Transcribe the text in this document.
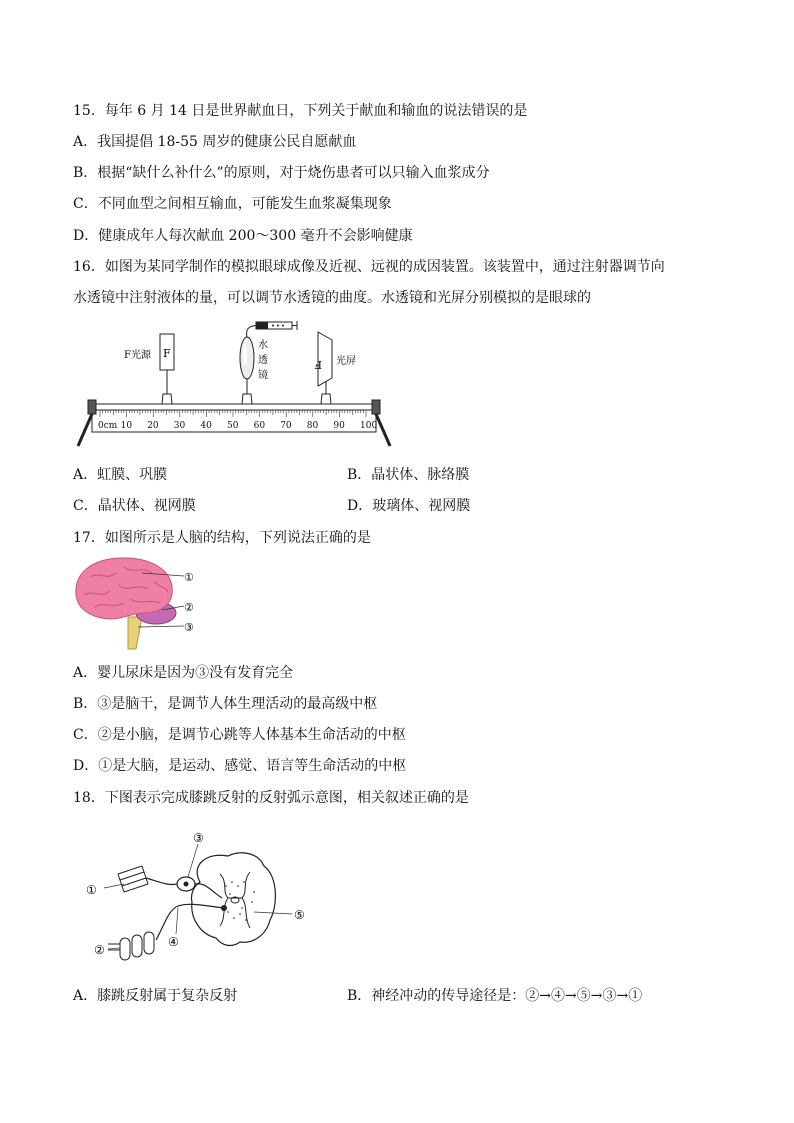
15．每年 6 月 14 日是世界献血日，下列关于献血和输血的说法错误的是
A．我国提倡 18-55 周岁的健康公民自愿献血
B．根据“缺什么补什么”的原则，对于烧伤患者可以只输入血浆成分
C．不同血型之间相互输血，可能发生血浆凝集现象
D．健康成年人每次献血 200～300 毫升不会影响健康
16．如图为某同学制作的模拟眼球成像及近视、远视的成因装置。该装置中，通过注射器调节向
水透镜中注射液体的量，可以调节水透镜的曲度。水透镜和光屏分别模拟的是眼球的
F光源 F
水
透
镜
F 光屏
0cm 10 20 30 40 50 60 70 80 90 100
A．虹膜、巩膜	B．晶状体、脉络膜
C．晶状体、视网膜	D．玻璃体、视网膜
17．如图所示是人脑的结构，下列说法正确的是
①
②
③
A．婴儿尿床是因为③没有发育完全
B．③是脑干，是调节人体生理活动的最高级中枢
C．②是小脑，是调节心跳等人体基本生命活动的中枢
D．①是大脑，是运动、感觉、语言等生命活动的中枢
18．下图表示完成膝跳反射的反射弧示意图，相关叙述正确的是
①
②
③
④
⑤
A．膝跳反射属于复杂反射	B．神经冲动的传导途径是：②→④→⑤→③→①
